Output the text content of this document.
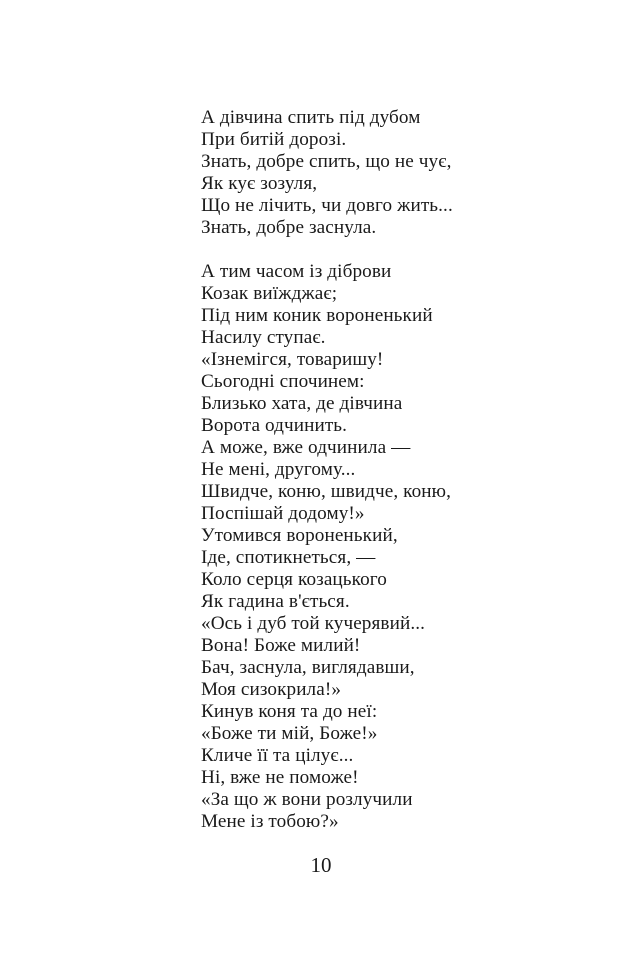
А дівчина спить під дубом
При битій дорозі.
Знать, добре спить, що не чує,
Як кує зозуля,
Що не лічить, чи довго жить...
Знать, добре заснула.
А тим часом із діброви
Козак виїжджає;
Під ним коник вороненький
Насилу ступає.
«Ізнемігся, товаришу!
Сьогодні спочинем:
Близько хата, де дівчина
Ворота одчинить.
А може, вже одчинила —
Не мені, другому...
Швидче, коню, швидче, коню,
Поспішай додому!»
Утомився вороненький,
Іде, спотикнеться, —
Коло серця козацького
Як гадина в'ється.
«Ось і дуб той кучерявий...
Вона! Боже милий!
Бач, заснула, виглядавши,
Моя сизокрила!»
Кинув коня та до неї:
«Боже ти мій, Боже!»
Кличе її та цілує...
Ні, вже не поможе!
«За що ж вони розлучили
Мене із тобою?»
10
